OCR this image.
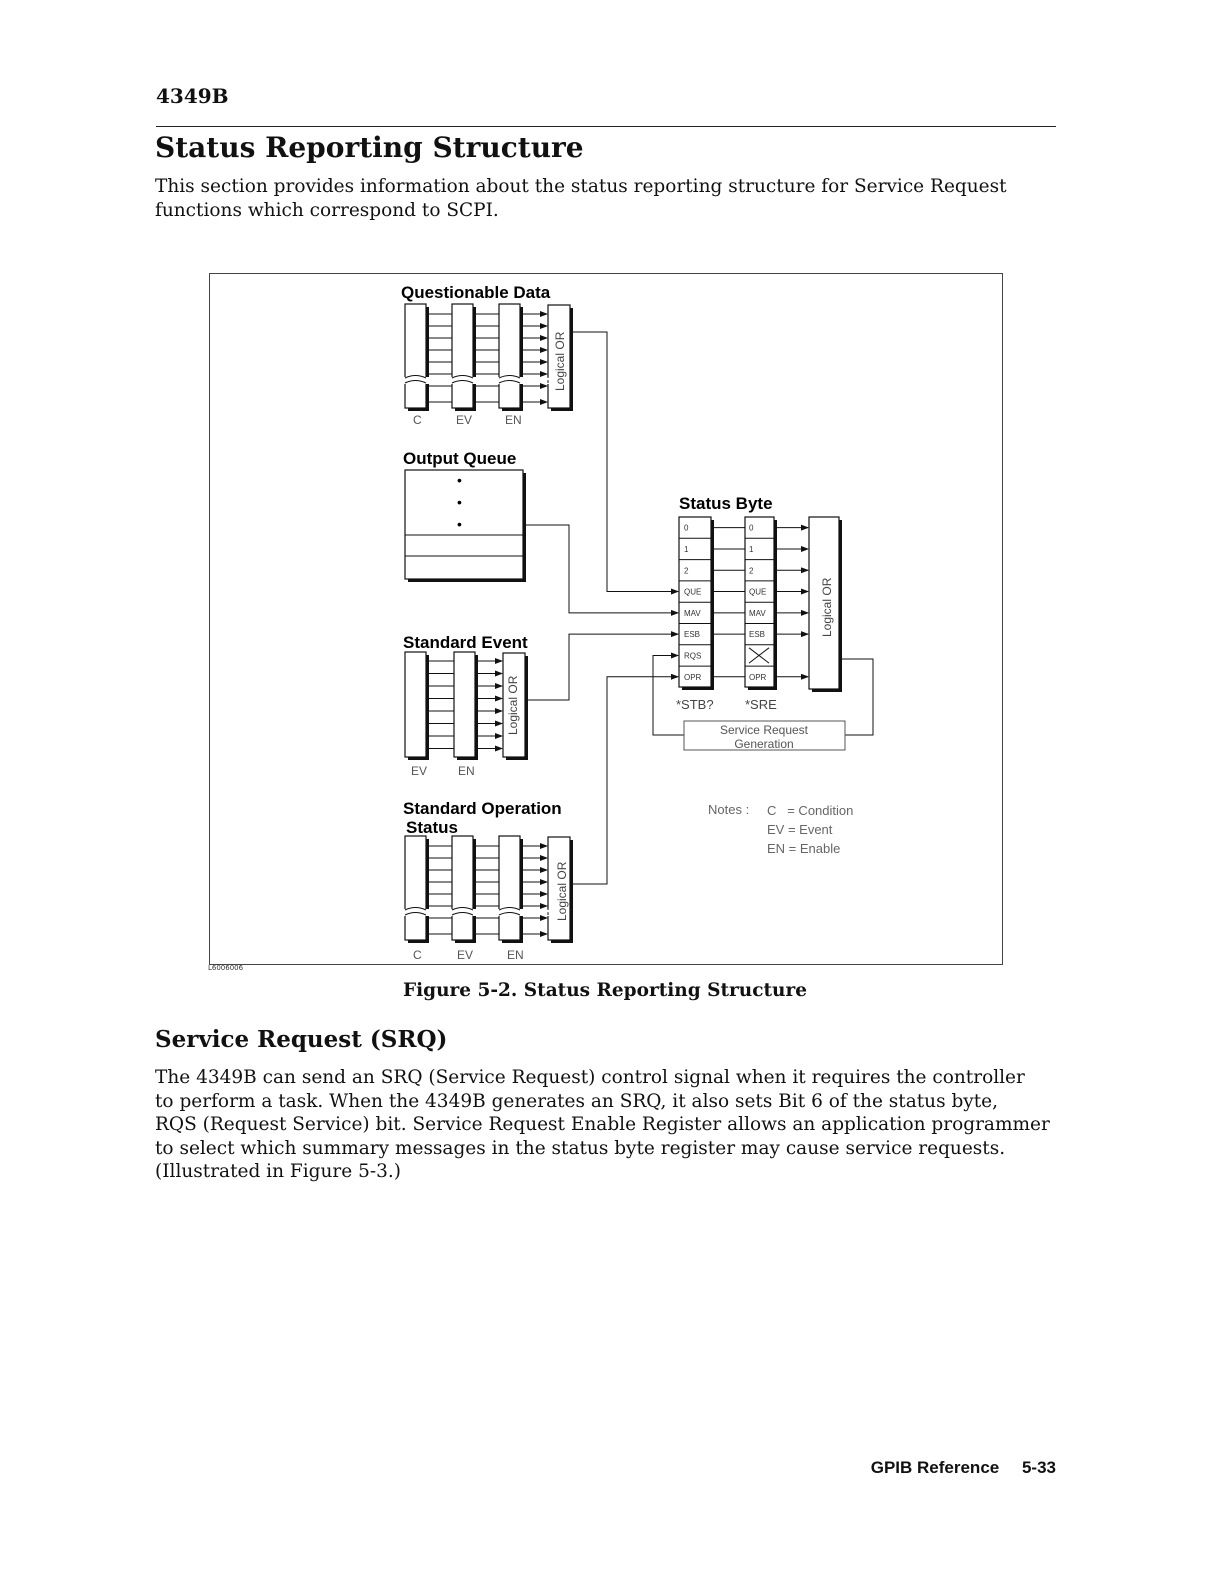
4349B
Status Reporting Structure
This section provides information about the status reporting structure for Service Request
functions which correspond to SCPI.
Questionable Data
C	EV	EN
Logical OR
Output Queue
•
•
•
Standard Event
EV	EN
Logical OR
Standard Operation
Status
C	EV	EN
Logical OR
Status Byte
0	0
1	1
2	2
QUE	QUE
MAV	MAV
ESB	ESB
RQS
OPR	OPR
*STB? *SRE
Logical OR
Service Request
Generation
Notes : C   = Condition
EV = Event
EN = Enable
L6006006
Figure 5-2. Status Reporting Structure
Service Request (SRQ)
The 4349B can send an SRQ (Service Request) control signal when it requires the controller
to perform a task. When the 4349B generates an SRQ, it also sets Bit 6 of the status byte,
RQS (Request Service) bit. Service Request Enable Register allows an application programmer
to select which summary messages in the status byte register may cause service requests.
(Illustrated in Figure 5-3.)
GPIB Reference 5-33
